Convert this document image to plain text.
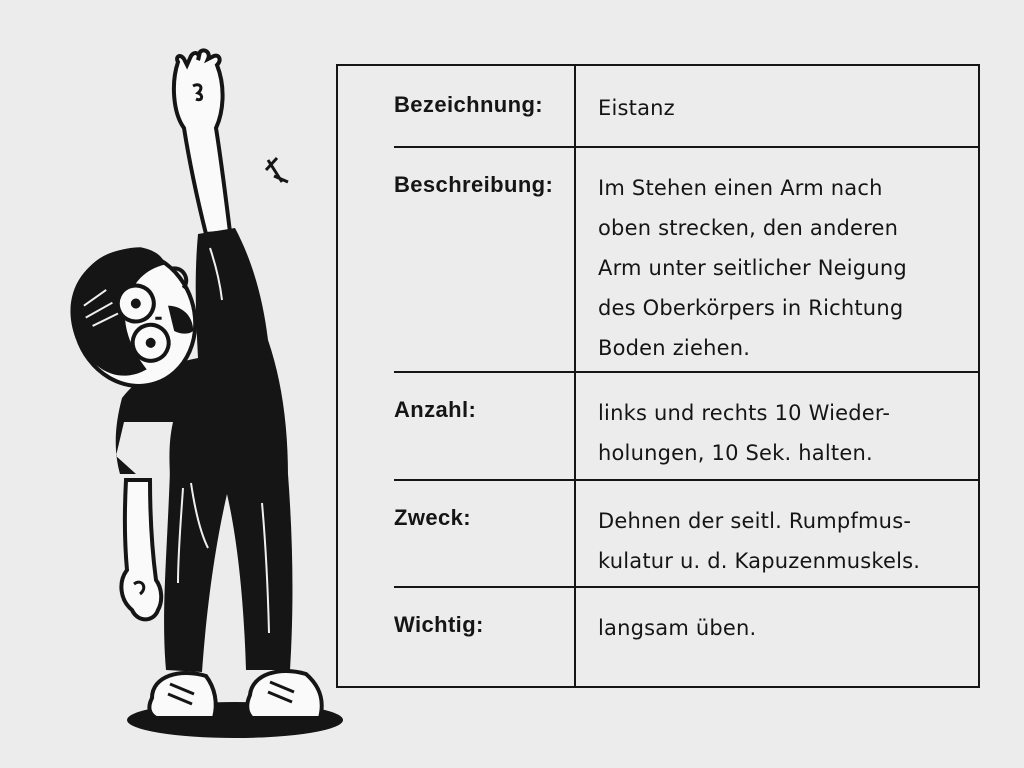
Bezeichnung:	Eistanz
Beschreibung:	Im Stehen einen Arm nach
oben strecken, den anderen
Arm unter seitlicher Neigung
des Oberkörpers in Richtung
Boden ziehen.
Anzahl:	links und rechts 10 Wieder-
holungen, 10 Sek. halten.
Zweck:	Dehnen der seitl. Rumpfmus-
kulatur u. d. Kapuzenmuskels.
Wichtig:	langsam üben.
